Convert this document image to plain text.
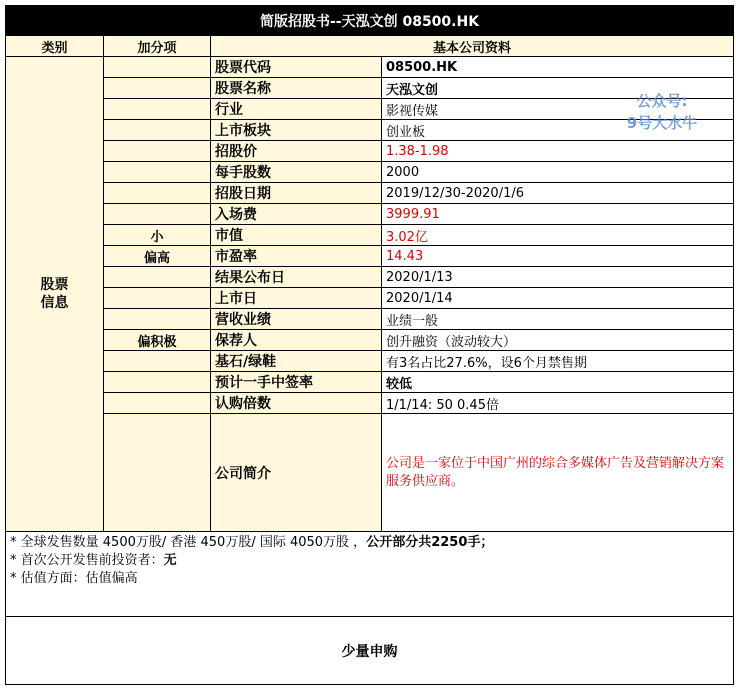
简版招股书--天泓文创 08500.HK			
类别	加分项	基本公司资料	
股票
信息		股票代码	08500.HK
		股票名称	天泓文创
		行业	影视传媒
		上市板块	创业板
		招股价	1.38-1.98
		每手股数	2000
		招股日期	2019/12/30-2020/1/6
		入场费	3999.91
	小	市值	3.02亿
	偏高	市盈率	14.43
		结果公布日	2020/1/13
		上市日	2020/1/14
		营收业绩	业绩一般
	偏积极	保荐人	创升融资（波动较大）
		基石/绿鞋	有3名占比27.6%，设6个月禁售期
		预计一手中签率	较低
		认购倍数	1/1/14: 50 0.45倍
		公司简介	公司是一家位于中国广州的综合多媒体广告及营销解决方案服务供应商。

* 全球发售数量 4500万股/ 香港 450万股/ 国际 4050万股 ，公开部分共2250手；
* 首次公开发售前投资者：无
* 估值方面：估值偏高			

少量申购			
公众号:
9号大水牛
